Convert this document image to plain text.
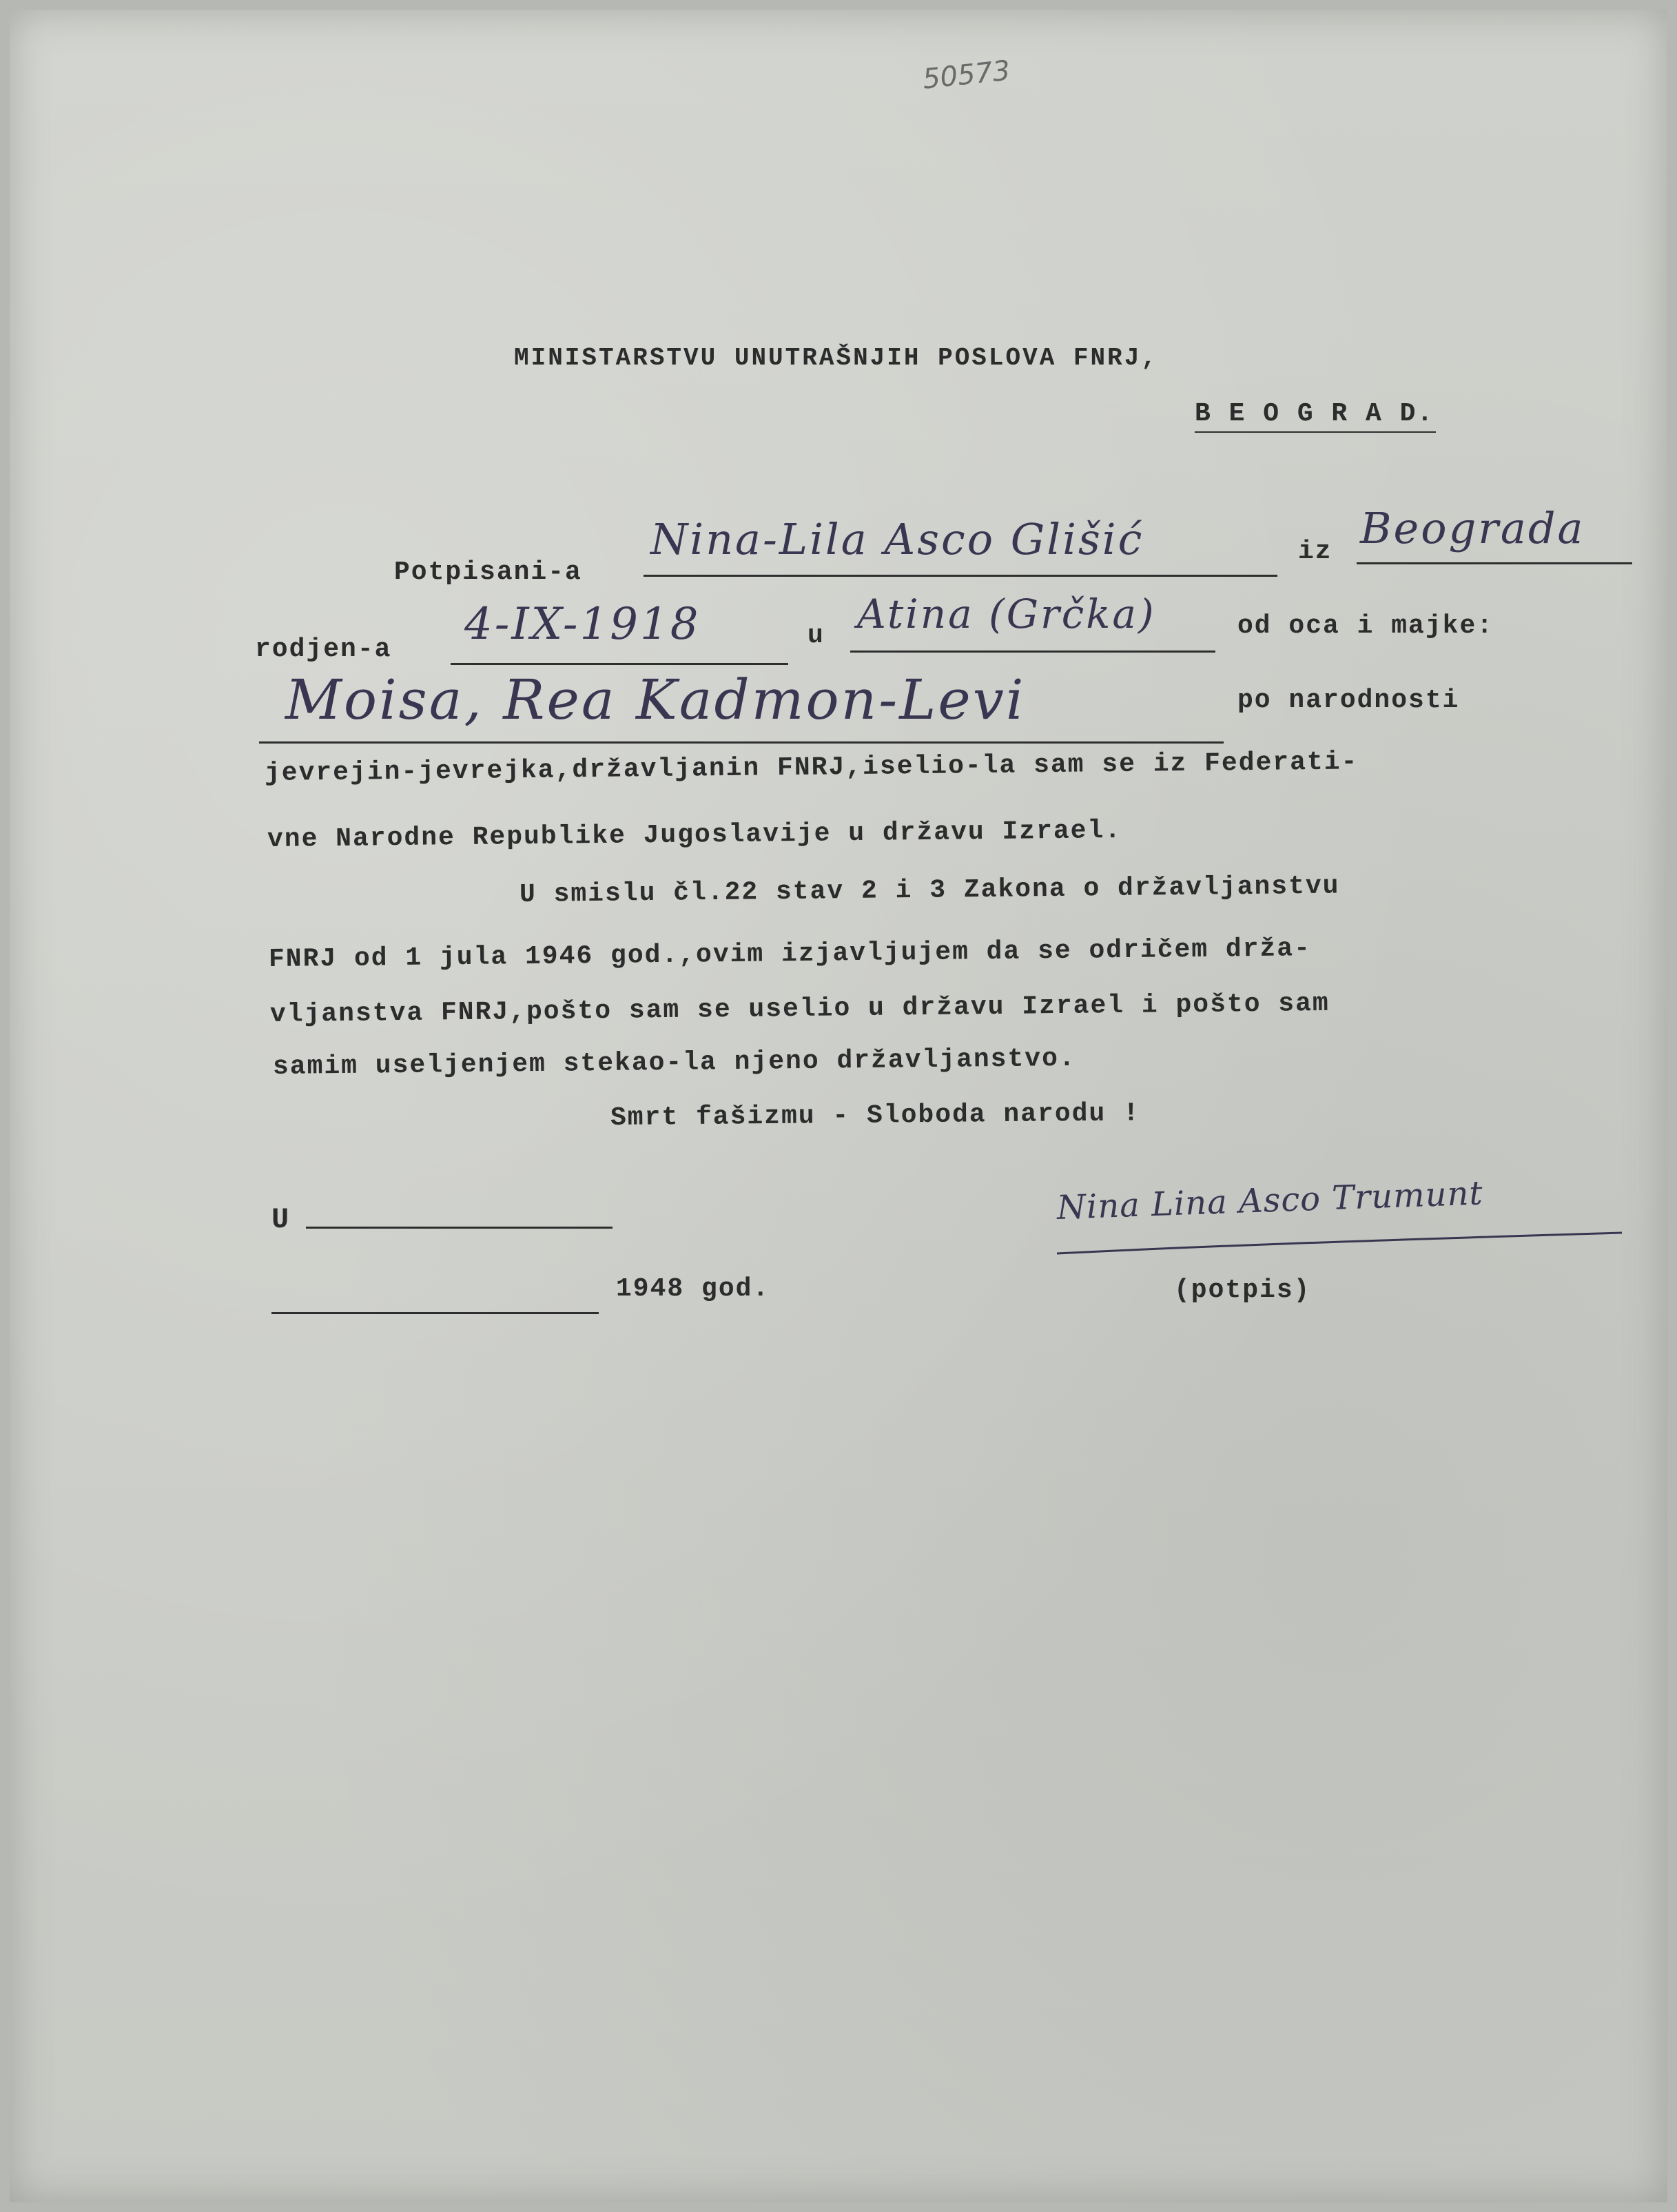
50573
MINISTARSTVU UNUTRAŠNJIH POSLOVA FNRJ,
B E O G R A D.
Potpisani-a
Nina-Lila Asco Glišić	iz Beograda
rodjen-a 4-IX-1918	u Atina (Grčka)	od oca i majke:
Moisa, Rea Kadmon-Levi	po narodnosti
jevrejin-jevrejka,državljanin FNRJ,iselio-la sam se iz Federati-
vne Narodne Republike Jugoslavije u državu Izrael.
U smislu čl.22 stav 2 i 3 Zakona o državljanstvu
FNRJ od 1 jula 1946 god.,ovim izjavljujem da se odričem drža-
vljanstva FNRJ,pošto sam se uselio u državu Izrael i pošto sam
samim useljenjem stekao-la njeno državljanstvo.
Smrt fašizmu - Sloboda narodu !
U
1948 god.
Nina Lina Asco Trumunt
(potpis)
